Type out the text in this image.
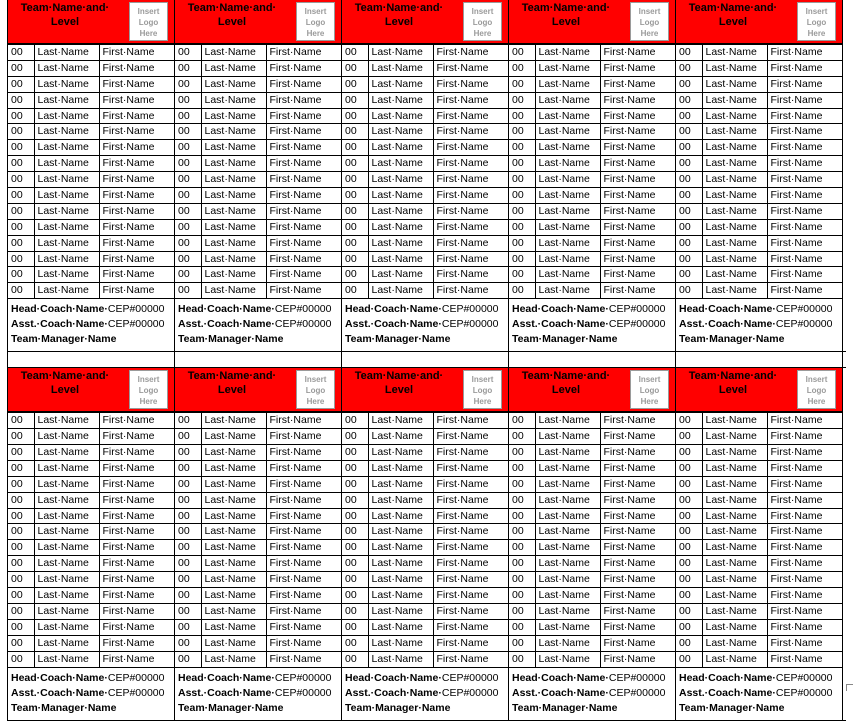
Team·Name·and· Level
Insert
Logo
Here
00	Last·Name	First·Name
00	Last·Name	First·Name
00	Last·Name	First·Name
00	Last·Name	First·Name
00	Last·Name	First·Name
00	Last·Name	First·Name
00	Last·Name	First·Name
00	Last·Name	First·Name
00	Last·Name	First·Name
00	Last·Name	First·Name
00	Last·Name	First·Name
00	Last·Name	First·Name
00	Last·Name	First·Name
00	Last·Name	First·Name
00	Last·Name	First·Name
00	Last·Name	First·Name
Head·Coach·Name·CEP#00000
Asst.·Coach·Name·CEP#00000
Team·Manager·Name
Team·Name·and· Level
Insert
Logo
Here
00	Last·Name	First·Name
00	Last·Name	First·Name
00	Last·Name	First·Name
00	Last·Name	First·Name
00	Last·Name	First·Name
00	Last·Name	First·Name
00	Last·Name	First·Name
00	Last·Name	First·Name
00	Last·Name	First·Name
00	Last·Name	First·Name
00	Last·Name	First·Name
00	Last·Name	First·Name
00	Last·Name	First·Name
00	Last·Name	First·Name
00	Last·Name	First·Name
00	Last·Name	First·Name
Head·Coach·Name·CEP#00000
Asst.·Coach·Name·CEP#00000
Team·Manager·Name
Team·Name·and· Level
Insert
Logo
Here
00	Last·Name	First·Name
00	Last·Name	First·Name
00	Last·Name	First·Name
00	Last·Name	First·Name
00	Last·Name	First·Name
00	Last·Name	First·Name
00	Last·Name	First·Name
00	Last·Name	First·Name
00	Last·Name	First·Name
00	Last·Name	First·Name
00	Last·Name	First·Name
00	Last·Name	First·Name
00	Last·Name	First·Name
00	Last·Name	First·Name
00	Last·Name	First·Name
00	Last·Name	First·Name
Head·Coach·Name·CEP#00000
Asst.·Coach·Name·CEP#00000
Team·Manager·Name
Team·Name·and· Level
Insert
Logo
Here
00	Last·Name	First·Name
00	Last·Name	First·Name
00	Last·Name	First·Name
00	Last·Name	First·Name
00	Last·Name	First·Name
00	Last·Name	First·Name
00	Last·Name	First·Name
00	Last·Name	First·Name
00	Last·Name	First·Name
00	Last·Name	First·Name
00	Last·Name	First·Name
00	Last·Name	First·Name
00	Last·Name	First·Name
00	Last·Name	First·Name
00	Last·Name	First·Name
00	Last·Name	First·Name
Head·Coach·Name·CEP#00000
Asst.·Coach·Name·CEP#00000
Team·Manager·Name
Team·Name·and· Level
Insert
Logo
Here
00	Last·Name	First·Name
00	Last·Name	First·Name
00	Last·Name	First·Name
00	Last·Name	First·Name
00	Last·Name	First·Name
00	Last·Name	First·Name
00	Last·Name	First·Name
00	Last·Name	First·Name
00	Last·Name	First·Name
00	Last·Name	First·Name
00	Last·Name	First·Name
00	Last·Name	First·Name
00	Last·Name	First·Name
00	Last·Name	First·Name
00	Last·Name	First·Name
00	Last·Name	First·Name
Head·Coach·Name·CEP#00000
Asst.·Coach·Name·CEP#00000
Team·Manager·Name
Team·Name·and· Level
Insert
Logo
Here
00	Last·Name	First·Name
00	Last·Name	First·Name
00	Last·Name	First·Name
00	Last·Name	First·Name
00	Last·Name	First·Name
00	Last·Name	First·Name
00	Last·Name	First·Name
00	Last·Name	First·Name
00	Last·Name	First·Name
00	Last·Name	First·Name
00	Last·Name	First·Name
00	Last·Name	First·Name
00	Last·Name	First·Name
00	Last·Name	First·Name
00	Last·Name	First·Name
00	Last·Name	First·Name
Head·Coach·Name·CEP#00000
Asst.·Coach·Name·CEP#00000
Team·Manager·Name
Team·Name·and· Level
Insert
Logo
Here
00	Last·Name	First·Name
00	Last·Name	First·Name
00	Last·Name	First·Name
00	Last·Name	First·Name
00	Last·Name	First·Name
00	Last·Name	First·Name
00	Last·Name	First·Name
00	Last·Name	First·Name
00	Last·Name	First·Name
00	Last·Name	First·Name
00	Last·Name	First·Name
00	Last·Name	First·Name
00	Last·Name	First·Name
00	Last·Name	First·Name
00	Last·Name	First·Name
00	Last·Name	First·Name
Head·Coach·Name·CEP#00000
Asst.·Coach·Name·CEP#00000
Team·Manager·Name
Team·Name·and· Level
Insert
Logo
Here
00	Last·Name	First·Name
00	Last·Name	First·Name
00	Last·Name	First·Name
00	Last·Name	First·Name
00	Last·Name	First·Name
00	Last·Name	First·Name
00	Last·Name	First·Name
00	Last·Name	First·Name
00	Last·Name	First·Name
00	Last·Name	First·Name
00	Last·Name	First·Name
00	Last·Name	First·Name
00	Last·Name	First·Name
00	Last·Name	First·Name
00	Last·Name	First·Name
00	Last·Name	First·Name
Head·Coach·Name·CEP#00000
Asst.·Coach·Name·CEP#00000
Team·Manager·Name
Team·Name·and· Level
Insert
Logo
Here
00	Last·Name	First·Name
00	Last·Name	First·Name
00	Last·Name	First·Name
00	Last·Name	First·Name
00	Last·Name	First·Name
00	Last·Name	First·Name
00	Last·Name	First·Name
00	Last·Name	First·Name
00	Last·Name	First·Name
00	Last·Name	First·Name
00	Last·Name	First·Name
00	Last·Name	First·Name
00	Last·Name	First·Name
00	Last·Name	First·Name
00	Last·Name	First·Name
00	Last·Name	First·Name
Head·Coach·Name·CEP#00000
Asst.·Coach·Name·CEP#00000
Team·Manager·Name
Team·Name·and· Level
Insert
Logo
Here
00	Last·Name	First·Name
00	Last·Name	First·Name
00	Last·Name	First·Name
00	Last·Name	First·Name
00	Last·Name	First·Name
00	Last·Name	First·Name
00	Last·Name	First·Name
00	Last·Name	First·Name
00	Last·Name	First·Name
00	Last·Name	First·Name
00	Last·Name	First·Name
00	Last·Name	First·Name
00	Last·Name	First·Name
00	Last·Name	First·Name
00	Last·Name	First·Name
00	Last·Name	First·Name
Head·Coach·Name·CEP#00000
Asst.·Coach·Name·CEP#00000
Team·Manager·Name
